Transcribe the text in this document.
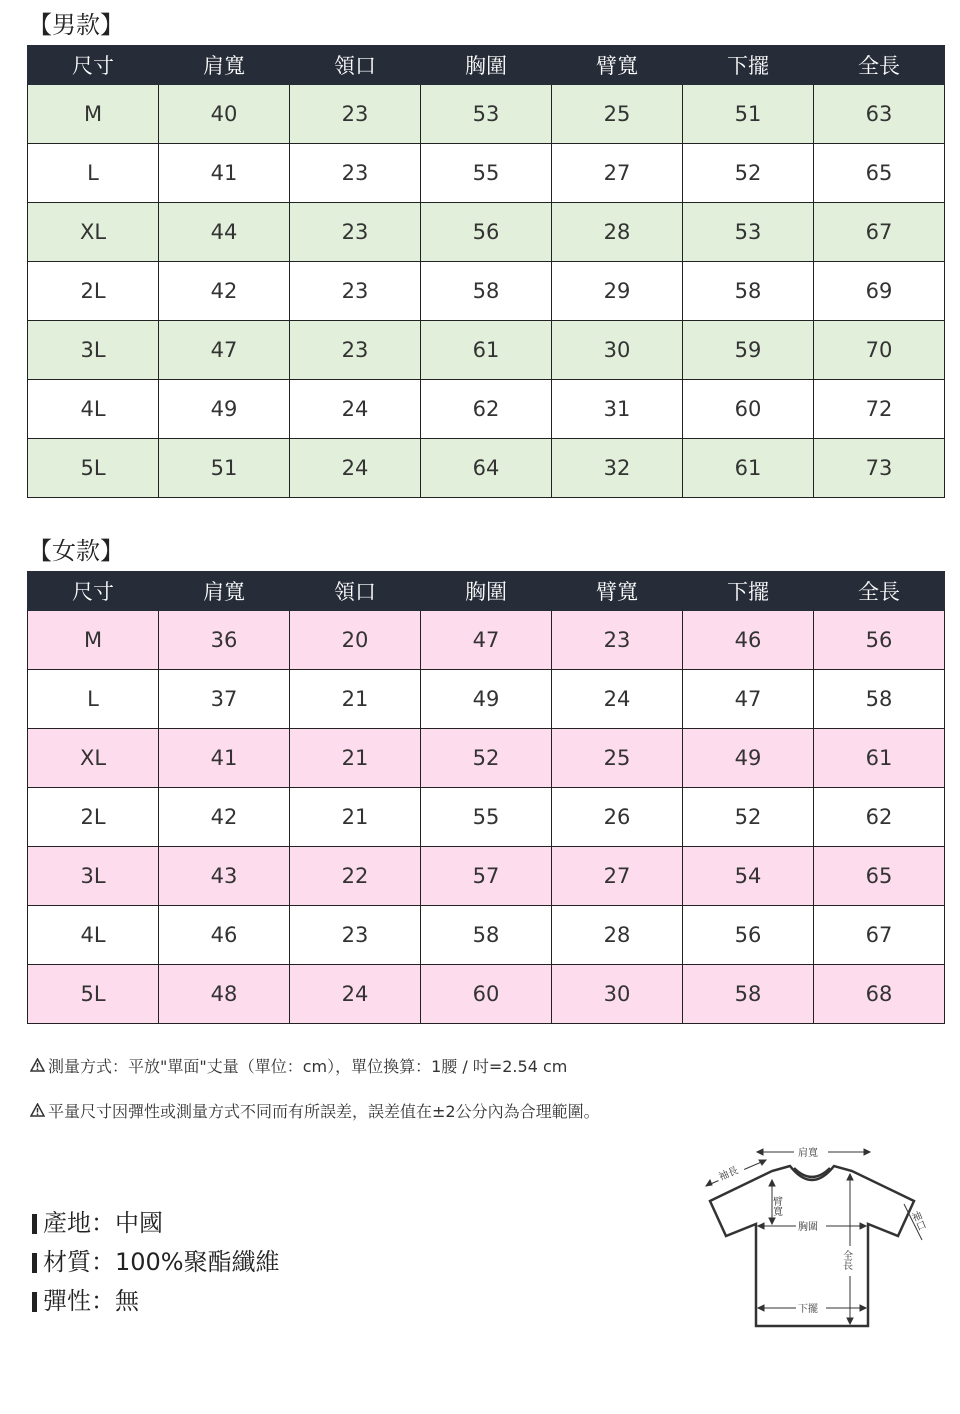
【男款】
尺寸	肩寬	領口	胸圍	臂寬	下擺	全長
M	40	23	53	25	51	63
L	41	23	55	27	52	65
XL	44	23	56	28	53	67
2L	42	23	58	29	58	69
3L	47	23	61	30	59	70
4L	49	24	62	31	60	72
5L	51	24	64	32	61	73
【女款】
尺寸	肩寬	領口	胸圍	臂寬	下擺	全長
M	36	20	47	23	46	56
L	37	21	49	24	47	58
XL	41	21	52	25	49	61
2L	42	21	55	26	52	62
3L	43	22	57	27	54	65
4L	46	23	58	28	56	67
5L	48	24	60	30	58	68
測量方式：平放"單面"丈量（單位：cm），單位換算：1腰 / 吋=2.54 cm
平量尺寸因彈性或測量方式不同而有所誤差，誤差值在±2公分內為合理範圍。
產地：中國
材質：100%聚酯纖維
彈性：無
肩寬
袖長
臂寬
胸圍
全長
袖口
下擺
